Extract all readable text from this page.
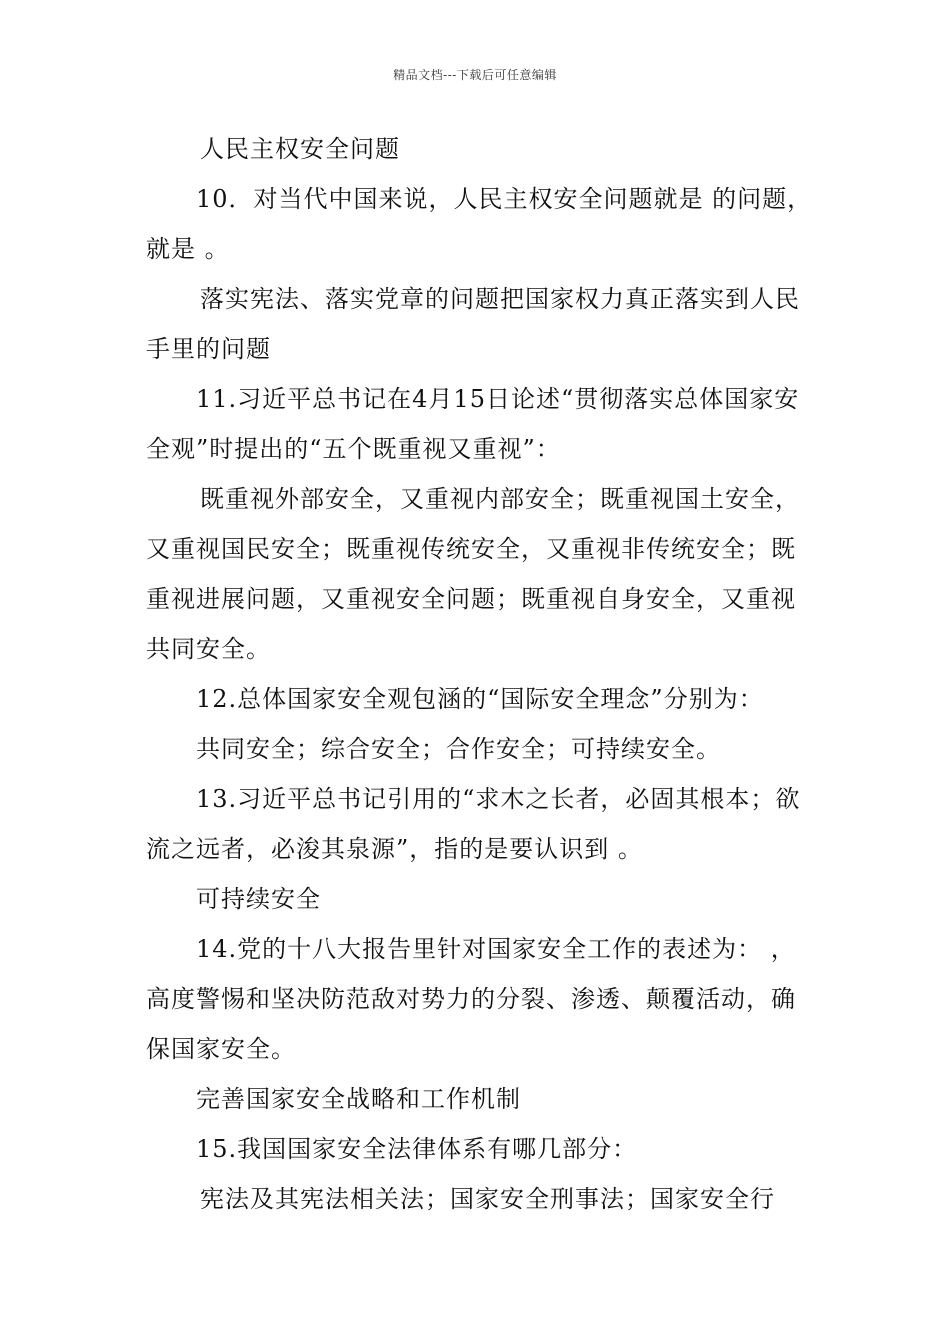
精品文档---下载后可任意编辑

人民主权安全问题

10．对当代中国来说，人民主权安全问题就是 的问题，就是 。

落实宪法、落实党章的问题把国家权力真正落实到人民手里的问题

11.习近平总书记在4月15日论述“贯彻落实总体国家安全观”时提出的“五个既重视又重视”：

既重视外部安全，又重视内部安全；既重视国土安全，又重视国民安全；既重视传统安全，又重视非传统安全；既重视进展问题，又重视安全问题；既重视自身安全，又重视共同安全。

12.总体国家安全观包涵的“国际安全理念”分别为：

共同安全；综合安全；合作安全；可持续安全。

13.习近平总书记引用的“求木之长者，必固其根本；欲流之远者，必浚其泉源”，指的是要认识到 。

可持续安全

14.党的十八大报告里针对国家安全工作的表述为： ，高度警惕和坚决防范敌对势力的分裂、渗透、颠覆活动，确保国家安全。

完善国家安全战略和工作机制

15.我国国家安全法律体系有哪几部分：

宪法及其宪法相关法；国家安全刑事法；国家安全行
